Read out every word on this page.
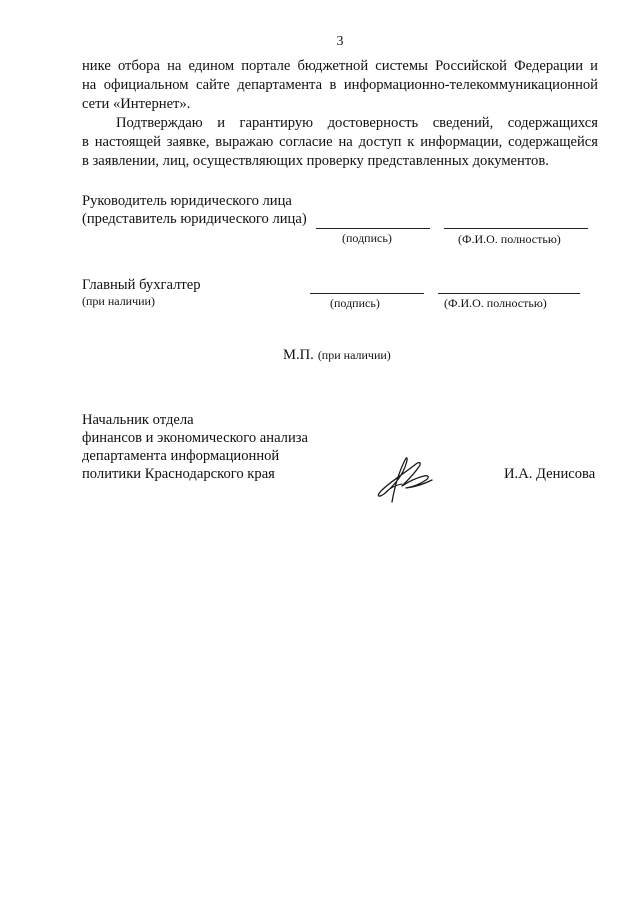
3
нике отбора на едином портале бюджетной системы Российской Федерации и
на официальном сайте департамента в информационно-телекоммуникационной
сети «Интернет».
Подтверждаю и гарантирую достоверность сведений, содержащихся
в настоящей заявке, выражаю согласие на доступ к информации, содержащейся
в заявлении, лиц, осуществляющих проверку представленных документов.
Руководитель юридического лица
(представитель юридического лица)
(подпись)	(Ф.И.О. полностью)
Главный бухгалтер
(при наличии)	(подпись)	(Ф.И.О. полностью)
М.П. (при наличии)
Начальник отдела
финансов и экономического анализа
департамента информационной
политики Краснодарского края	И.А. Денисова
